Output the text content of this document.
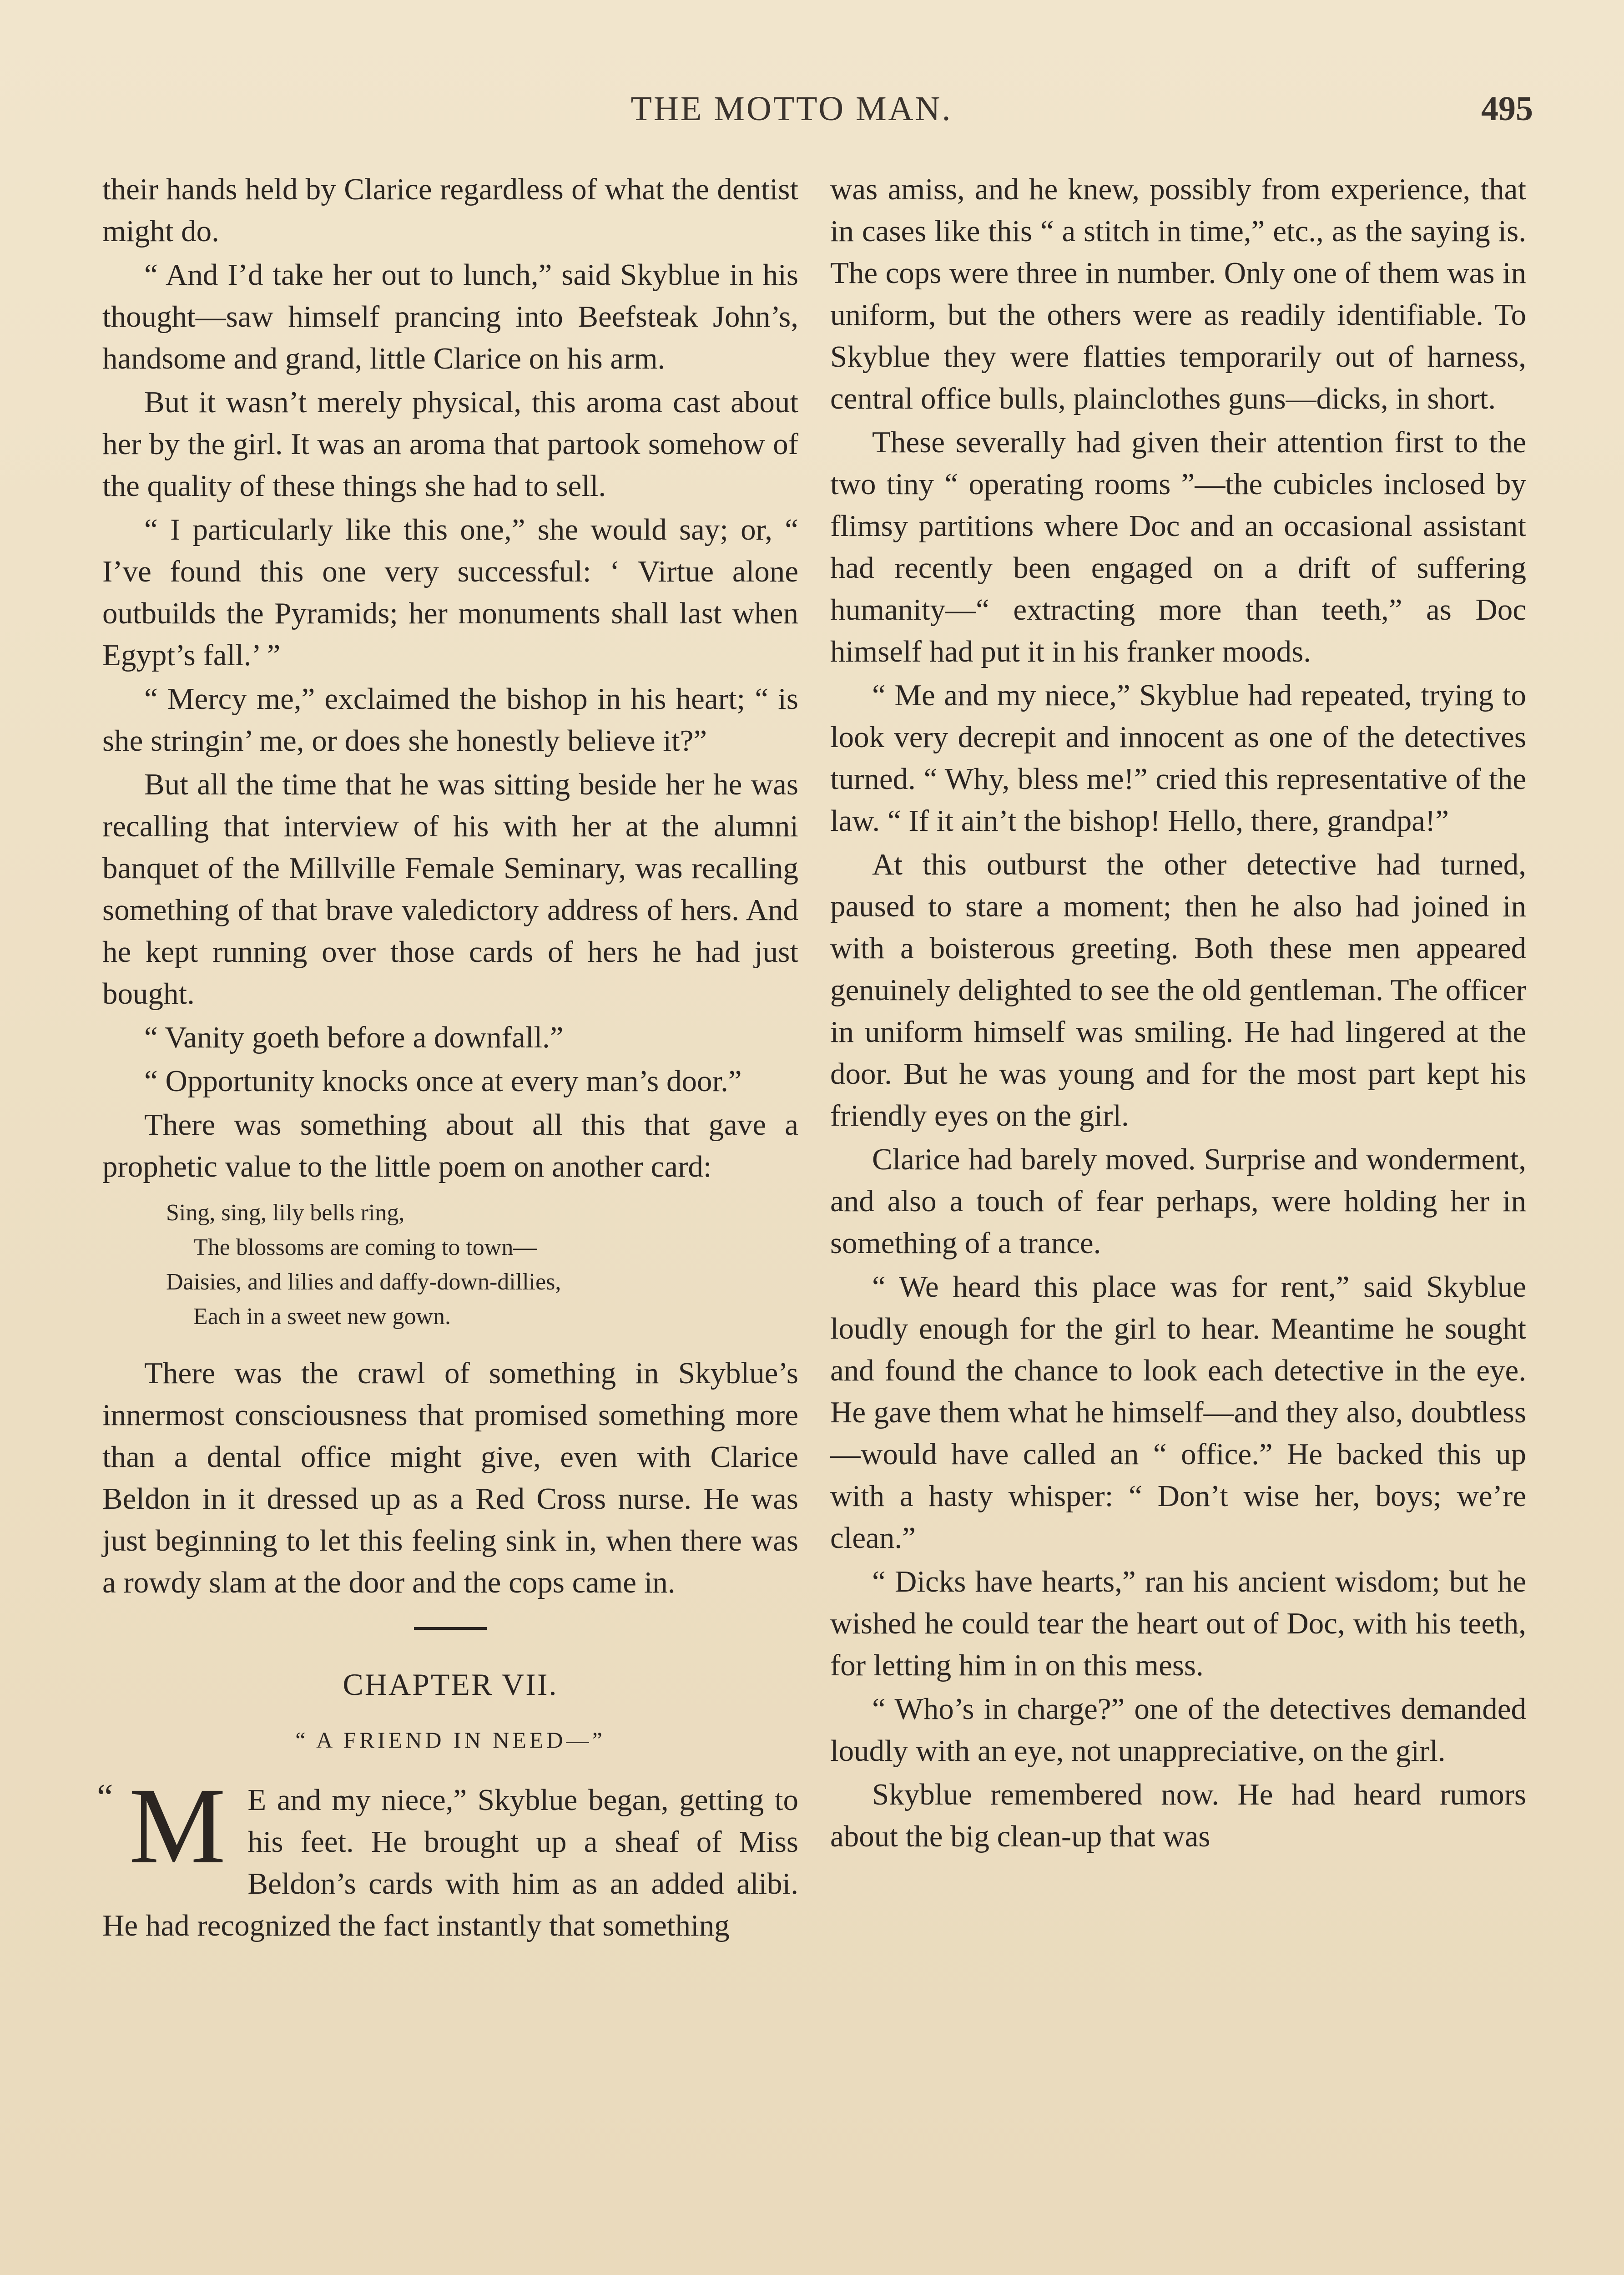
THE MOTTO MAN.	495

their hands held by Clarice regardless of what the dentist might do.

“ And I’d take her out to lunch,” said Skyblue in his thought—saw himself prancing into Beefsteak John’s, handsome and grand, little Clarice on his arm.

But it wasn’t merely physical, this aroma cast about her by the girl. It was an aroma that partook somehow of the quality of these things she had to sell.

“ I particularly like this one,” she would say; or, “ I’ve found this one very successful: ‘ Virtue alone outbuilds the Pyramids; her monuments shall last when Egypt’s fall.’ ”

“ Mercy me,” exclaimed the bishop in his heart; “ is she stringin’ me, or does she honestly believe it?”

But all the time that he was sitting beside her he was recalling that interview of his with her at the alumni banquet of the Millville Female Seminary, was recalling something of that brave valedictory address of hers. And he kept running over those cards of hers he had just bought.

“ Vanity goeth before a downfall.”

“ Opportunity knocks once at every man’s door.”

There was something about all this that gave a prophetic value to the little poem on another card:

Sing, sing, lily bells ring,
The blossoms are coming to town—
Daisies, and lilies and daffy-down-dillies,
Each in a sweet new gown.

There was the crawl of something in Skyblue’s innermost consciousness that promised something more than a dental office might give, even with Clarice Beldon in it dressed up as a Red Cross nurse. He was just beginning to let this feeling sink in, when there was a rowdy slam at the door and the cops came in.

CHAPTER VII.
“ A FRIEND IN NEED—”
“ M E and my niece,” Skyblue began, getting to his feet. He brought up a sheaf of Miss Beldon’s cards with him as an added alibi. He had recognized the fact instantly that something

was amiss, and he knew, possibly from experience, that in cases like this “ a stitch in time,” etc., as the saying is. The cops were three in number. Only one of them was in uniform, but the others were as readily identifiable. To Skyblue they were flatties temporarily out of harness, central office bulls, plainclothes guns—dicks, in short.

These severally had given their attention first to the two tiny “ operating rooms ”—the cubicles inclosed by flimsy partitions where Doc and an occasional assistant had recently been engaged on a drift of suffering humanity—“ extracting more than teeth,” as Doc himself had put it in his franker moods.

“ Me and my niece,” Skyblue had repeated, trying to look very decrepit and innocent as one of the detectives turned. “ Why, bless me!” cried this representative of the law. “ If it ain’t the bishop! Hello, there, grandpa!”

At this outburst the other detective had turned, paused to stare a moment; then he also had joined in with a boisterous greeting. Both these men appeared genuinely delighted to see the old gentleman. The officer in uniform himself was smiling. He had lingered at the door. But he was young and for the most part kept his friendly eyes on the girl.

Clarice had barely moved. Surprise and wonderment, and also a touch of fear perhaps, were holding her in something of a trance.

“ We heard this place was for rent,” said Skyblue loudly enough for the girl to hear. Meantime he sought and found the chance to look each detective in the eye. He gave them what he himself—and they also, doubtless—would have called an “ office.” He backed this up with a hasty whisper: “ Don’t wise her, boys; we’re clean.”

“ Dicks have hearts,” ran his ancient wisdom; but he wished he could tear the heart out of Doc, with his teeth, for letting him in on this mess.

“ Who’s in charge?” one of the detectives demanded loudly with an eye, not unappreciative, on the girl.

Skyblue remembered now. He had heard rumors about the big clean-up that was
